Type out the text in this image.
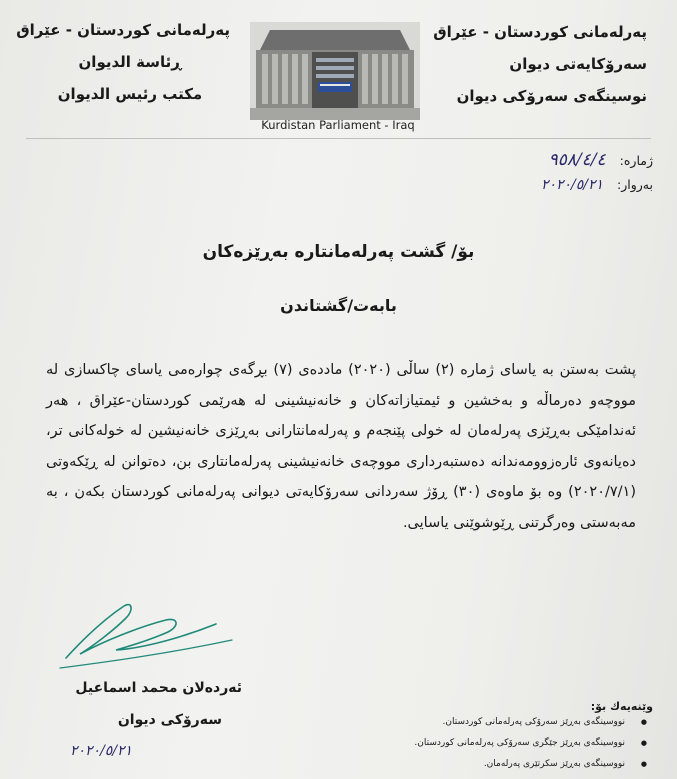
پەرلەمانی كوردستان - عێراق
ڕئاسة الدیوان
مكتب رئیس الدیوان
پەرلەمانی كوردستان - عێراق
سەرۆكایەتی دیوان
نوسینگەی سەرۆكی دیوان
Kurdistan Parliament - Iraq
ژمارە: ٩٥٨/٤/٤
بەروار: ٢٠٢٠/٥/٢١
بۆ/ گشت پەرلەمانتارە بەڕێزەكان
بابەت/گشتاندن

پشت بەستن بە یاسای ژمارە (٢) ساڵی (٢٠٢٠) ماددەی (٧) بڕگەی چوارەمی یاسای چاكسازی لە مووچەو دەرماڵە و بەخشین و ئیمتیازاتەكان و خانەنیشینی لە هەرێمی كوردستان-عێراق ، هەر ئەندامێكی بەڕێزی پەرلەمان لە خولی پێنجەم و پەرلەمانتارانی بەڕێزی خانەنیشین لە خولەكانی تر، دەیانەوی ئارەزوومەندانە دەستبەرداری مووچەی خانەنیشینی پەرلەمانتاری بن، دەتوانن لە ڕێكەوتی (٢٠٢٠/٧/١) وە بۆ ماوەی (٣٠) ڕۆژ سەردانی سەرۆكایەتی دیوانی پەرلەمانی كوردستان بكەن ، بە مەبەستی وەرگرتنی ڕێوشوێنی یاسایی.

ئەردەلان محمد اسماعیل
سەرۆكی دیوان
٢٠٢٠/٥/٢١
وێنەیەك بۆ:
● نووسینگەی بەڕێز سەرۆكی پەرلەمانی كوردستان.
● نووسینگەی بەڕێز جێگری سەرۆكی پەرلەمانی كوردستان.
● نووسینگەی بەڕێز سكرتێری پەرلەمان.
